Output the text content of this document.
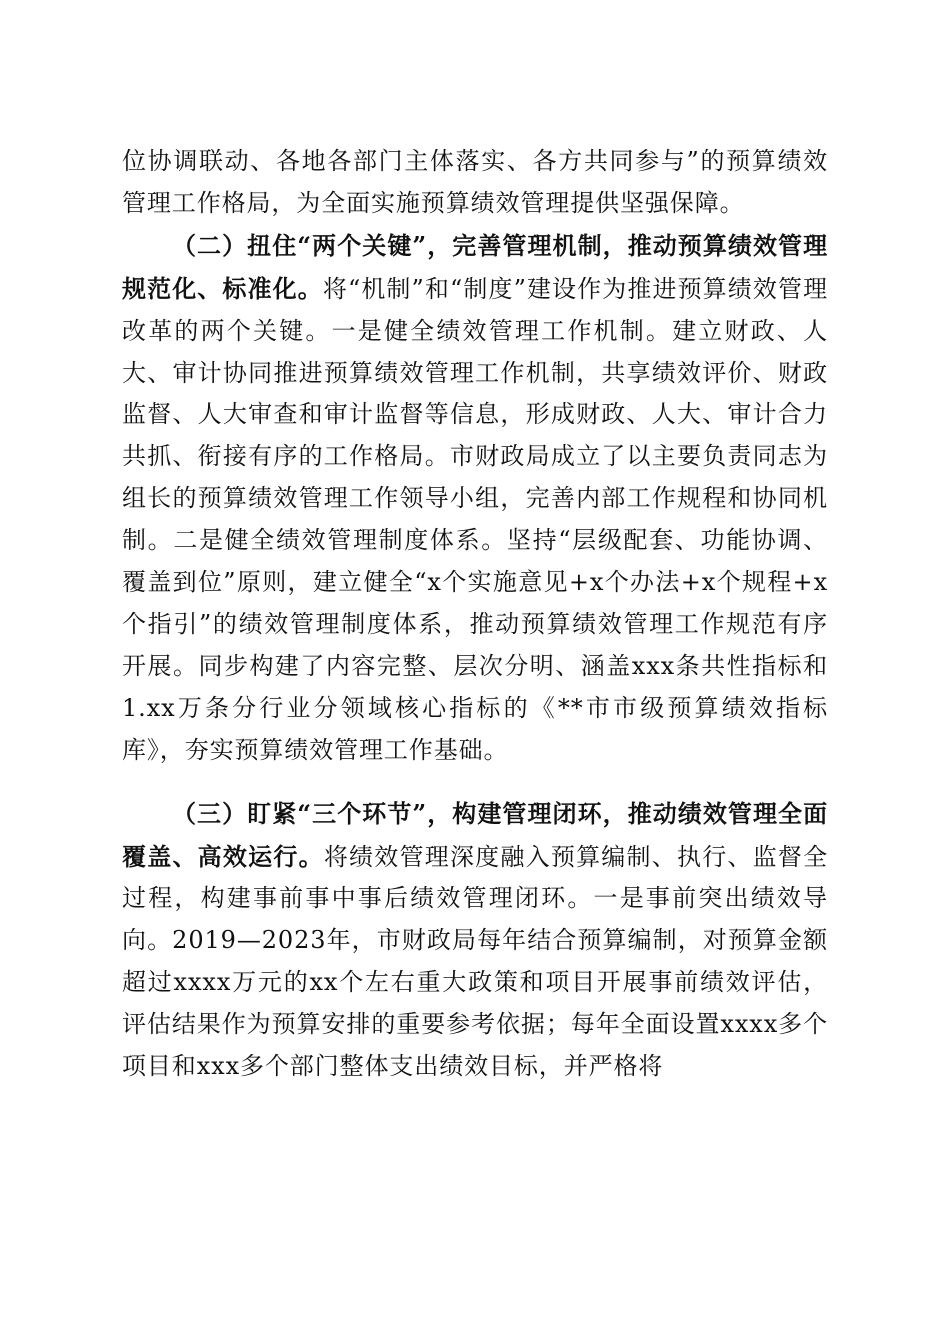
位协调联动、各地各部门主体落实、各方共同参与”的预算绩效管理工作格局，为全面实施预算绩效管理提供坚强保障。

（二）扭住“两个关键”，完善管理机制，推动预算绩效管理规范化、标准化。将“机制”和“制度”建设作为推进预算绩效管理改革的两个关键。一是健全绩效管理工作机制。建立财政、人大、审计协同推进预算绩效管理工作机制，共享绩效评价、财政监督、人大审查和审计监督等信息，形成财政、人大、审计合力共抓、衔接有序的工作格局。市财政局成立了以主要负责同志为组长的预算绩效管理工作领导小组，完善内部工作规程和协同机制。二是健全绩效管理制度体系。坚持“层级配套、功能协调、覆盖到位”原则，建立健全“x个实施意见+x个办法+x个规程+x个指引”的绩效管理制度体系，推动预算绩效管理工作规范有序开展。同步构建了内容完整、层次分明、涵盖xxx条共性指标和1.xx万条分行业分领域核心指标的《**市市级预算绩效指标库》，夯实预算绩效管理工作基础。

（三）盯紧“三个环节”，构建管理闭环，推动绩效管理全面覆盖、高效运行。将绩效管理深度融入预算编制、执行、监督全过程，构建事前事中事后绩效管理闭环。一是事前突出绩效导向。2019—2023年，市财政局每年结合预算编制，对预算金额超过xxxx万元的xx个左右重大政策和项目开展事前绩效评估，评估结果作为预算安排的重要参考依据；每年全面设置xxxx多个项目和xxx多个部门整体支出绩效目标，并严格将
